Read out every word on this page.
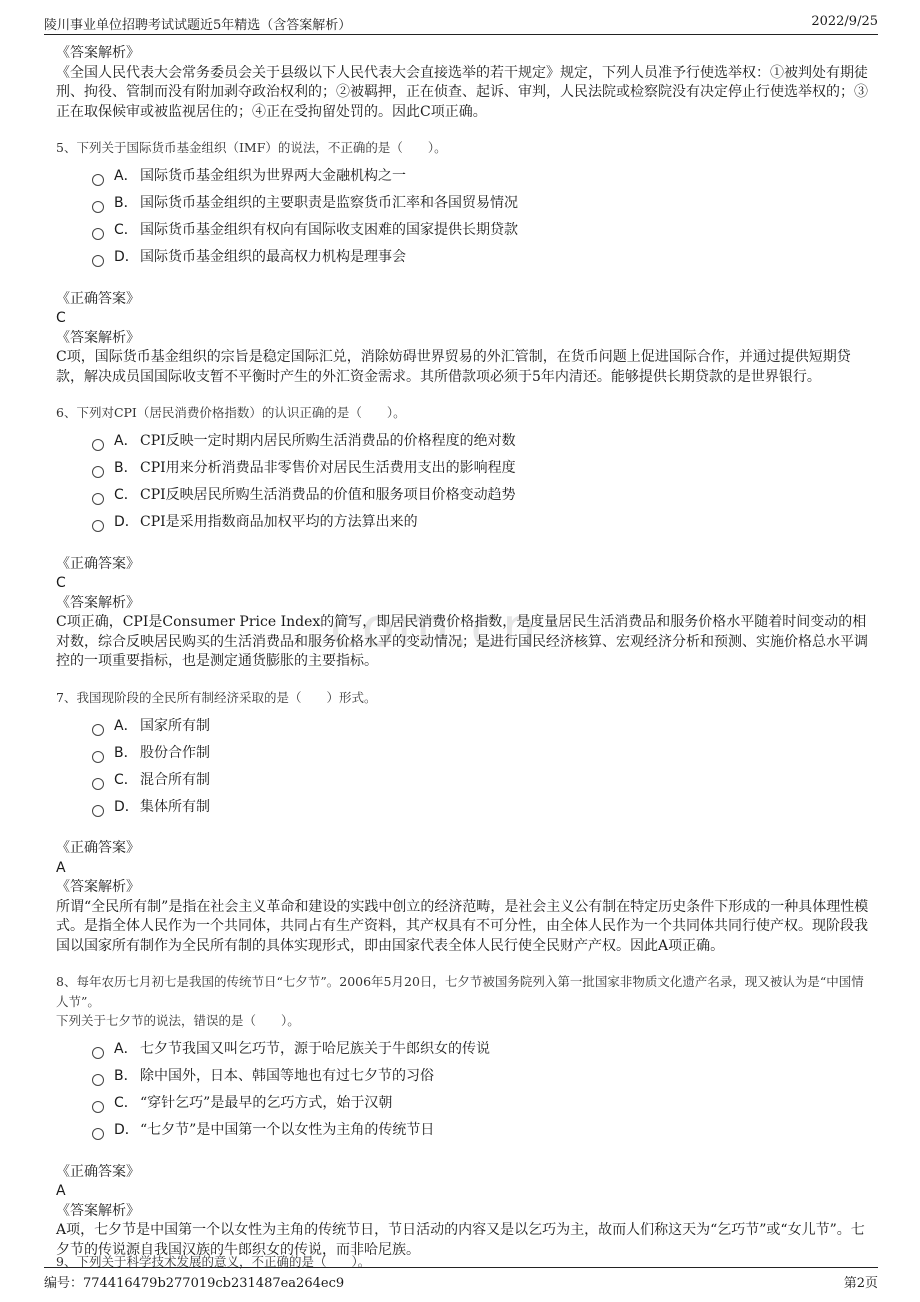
陵川事业单位招聘考试试题近5年精选（含答案解析）	2022/9/25
com.cn

《答案解析》

《全国人民代表大会常务委员会关于县级以下人民代表大会直接选举的若干规定》规定，下列人员准予行使选举权：①被判处有期徒刑、拘役、管制而没有附加剥夺政治权利的；②被羁押，正在侦查、起诉、审判，人民法院或检察院没有决定停止行使选举权的；③正在取保候审或被监视居住的；④正在受拘留处罚的。因此C项正确。

5、下列关于国际货币基金组织（IMF）的说法，不正确的是（　　）。

A． 国际货币基金组织为世界两大金融机构之一
B． 国际货币基金组织的主要职责是监察货币汇率和各国贸易情况
C． 国际货币基金组织有权向有国际收支困难的国家提供长期贷款
D． 国际货币基金组织的最高权力机构是理事会

《正确答案》

C

《答案解析》

C项，国际货币基金组织的宗旨是稳定国际汇兑，消除妨碍世界贸易的外汇管制，在货币问题上促进国际合作，并通过提供短期贷款，解决成员国国际收支暂不平衡时产生的外汇资金需求。其所借款项必须于5年内清还。能够提供长期贷款的是世界银行。

6、下列对CPI（居民消费价格指数）的认识正确的是（　　）。

A． CPI反映一定时期内居民所购生活消费品的价格程度的绝对数
B． CPI用来分析消费品非零售价对居民生活费用支出的影响程度
C． CPI反映居民所购生活消费品的价值和服务项目价格变动趋势
D． CPI是采用指数商品加权平均的方法算出来的

《正确答案》

C

《答案解析》

C项正确，CPI是Consumer Price Index的简写，即居民消费价格指数，是度量居民生活消费品和服务价格水平随着时间变动的相对数，综合反映居民购买的生活消费品和服务价格水平的变动情况；是进行国民经济核算、宏观经济分析和预测、实施价格总水平调控的一项重要指标，也是测定通货膨胀的主要指标。

7、我国现阶段的全民所有制经济采取的是（　　）形式。

A． 国家所有制
B． 股份合作制
C． 混合所有制
D． 集体所有制

《正确答案》

A

《答案解析》

所谓“全民所有制”是指在社会主义革命和建设的实践中创立的经济范畴，是社会主义公有制在特定历史条件下形成的一种具体理性模式。是指全体人民作为一个共同体，共同占有生产资料，其产权具有不可分性，由全体人民作为一个共同体共同行使产权。现阶段我国以国家所有制作为全民所有制的具体实现形式，即由国家代表全体人民行使全民财产产权。因此A项正确。

8、每年农历七月初七是我国的传统节日“七夕节”。2006年5月20日，七夕节被国务院列入第一批国家非物质文化遗产名录，现又被认为是“中国情人节”。

下列关于七夕节的说法，错误的是（　　）。

A． 七夕节我国又叫乞巧节，源于哈尼族关于牛郎织女的传说
B． 除中国外，日本、韩国等地也有过七夕节的习俗
C． “穿针乞巧”是最早的乞巧方式，始于汉朝
D． “七夕节”是中国第一个以女性为主角的传统节日

《正确答案》

A

《答案解析》

A项，七夕节是中国第一个以女性为主角的传统节日，节日活动的内容又是以乞巧为主，故而人们称这天为“乞巧节”或“女儿节”。七夕节的传说源自我国汉族的牛郎织女的传说，而非哈尼族。

9、下列关于科学技术发展的意义，不正确的是（　　）。
编号：774416479b277019cb231487ea264ec9	第2页
